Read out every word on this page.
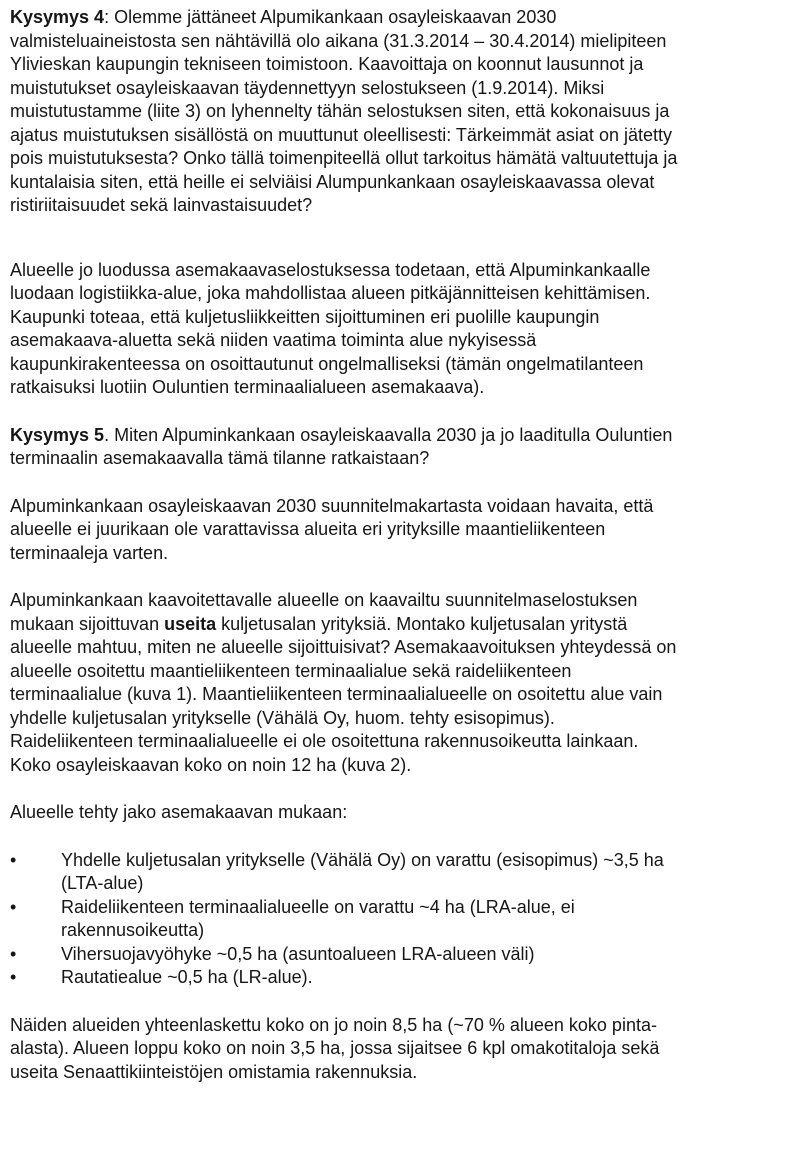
Kysymys 4: Olemme jättäneet Alpumikankaan osayleiskaavan 2030
valmisteluaineistosta sen nähtävillä olo aikana (31.3.2014 – 30.4.2014) mielipiteen
Ylivieskan kaupungin tekniseen toimistoon. Kaavoittaja on koonnut lausunnot ja
muistutukset osayleiskaavan täydennettyyn selostukseen (1.9.2014). Miksi
muistutustamme (liite 3) on lyhennelty tähän selostuksen siten, että kokonaisuus ja
ajatus muistutuksen sisällöstä on muuttunut oleellisesti: Tärkeimmät asiat on jätetty
pois muistutuksesta? Onko tällä toimenpiteellä ollut tarkoitus hämätä valtuutettuja ja
kuntalaisia siten, että heille ei selviäisi Alumpunkankaan osayleiskaavassa olevat
ristiriitaisuudet sekä lainvastaisuudet?

Alueelle jo luodussa asemakaavaselostuksessa todetaan, että Alpuminkankaalle
luodaan logistiikka-alue, joka mahdollistaa alueen pitkäjännitteisen kehittämisen.
Kaupunki toteaa, että kuljetusliikkeitten sijoittuminen eri puolille kaupungin
asemakaava-aluetta sekä niiden vaatima toiminta alue nykyisessä
kaupunkirakenteessa on osoittautunut ongelmalliseksi (tämän ongelmatilanteen
ratkaisuksi luotiin Ouluntien terminaalialueen asemakaava).

Kysymys 5. Miten Alpuminkankaan osayleiskaavalla 2030 ja jo laaditulla Ouluntien
terminaalin asemakaavalla tämä tilanne ratkaistaan?

Alpuminkankaan osayleiskaavan 2030 suunnitelmakartasta voidaan havaita, että
alueelle ei juurikaan ole varattavissa alueita eri yrityksille maantieliikenteen
terminaaleja varten.

Alpuminkankaan kaavoitettavalle alueelle on kaavailtu suunnitelmaselostuksen
mukaan sijoittuvan useita kuljetusalan yrityksiä. Montako kuljetusalan yritystä
alueelle mahtuu, miten ne alueelle sijoittuisivat? Asemakaavoituksen yhteydessä on
alueelle osoitettu maantieliikenteen terminaalialue sekä raideliikenteen
terminaalialue (kuva 1). Maantieliikenteen terminaalialueelle on osoitettu alue vain
yhdelle kuljetusalan yritykselle (Vähälä Oy, huom. tehty esisopimus).
Raideliikenteen terminaalialueelle ei ole osoitettuna rakennusoikeutta lainkaan.
Koko osayleiskaavan koko on noin 12 ha (kuva 2).

Alueelle tehty jako asemakaavan mukaan:

• Yhdelle kuljetusalan yritykselle (Vähälä Oy) on varattu (esisopimus) ~3,5 ha
(LTA-alue)
• Raideliikenteen terminaalialueelle on varattu ~4 ha (LRA-alue, ei
rakennusoikeutta)
• Vihersuojavyöhyke ~0,5 ha (asuntoalueen LRA-alueen väli)
• Rautatiealue ~0,5 ha (LR-alue).

Näiden alueiden yhteenlaskettu koko on jo noin 8,5 ha (~70 % alueen koko pinta-
alasta). Alueen loppu koko on noin 3,5 ha, jossa sijaitsee 6 kpl omakotitaloja sekä
useita Senaattikiinteistöjen omistamia rakennuksia.
